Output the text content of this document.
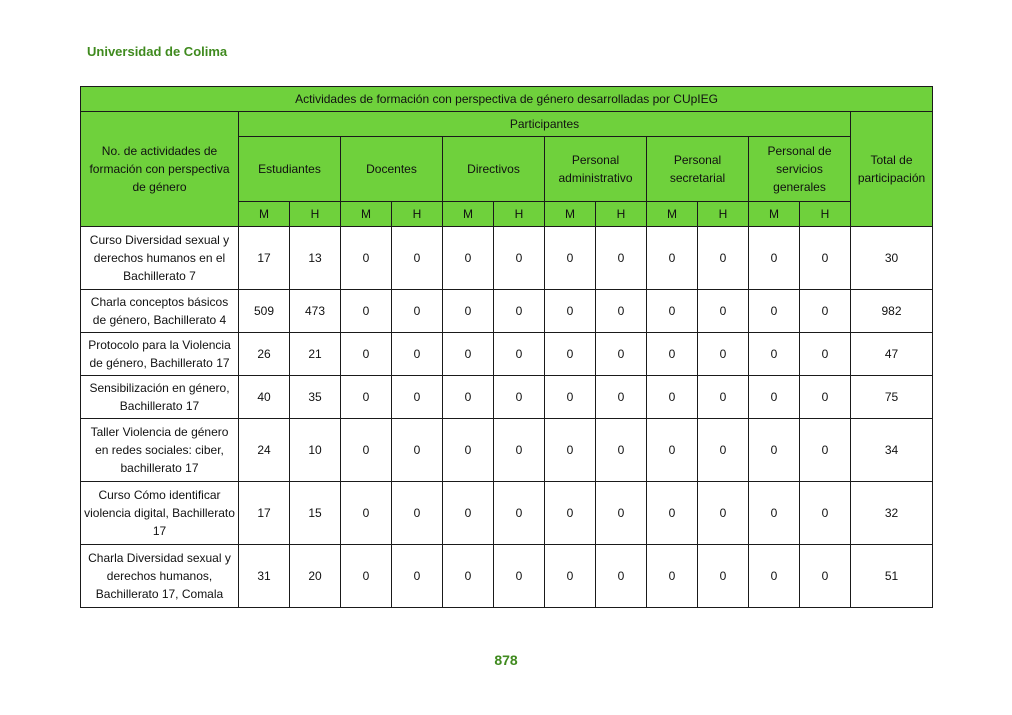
Universidad de Colima
Actividades de formación con perspectiva de género desarrolladas por CUpIEG													
No. de actividades de formación con perspectiva de género	Participantes												Total de participación
	Estudiantes		Docentes		Directivos		Personal administrativo		Personal secretarial		Personal de servicios generales		
	M	H	M	H	M	H	M	H	M	H	M	H	
Curso Diversidad sexual y derechos humanos en el Bachillerato 7	17	13	0	0	0	0	0	0	0	0	0	0	30
Charla conceptos básicos de género, Bachillerato 4	509	473	0	0	0	0	0	0	0	0	0	0	982
Protocolo para la Violencia de género, Bachillerato 17	26	21	0	0	0	0	0	0	0	0	0	0	47
Sensibilización en género, Bachillerato 17	40	35	0	0	0	0	0	0	0	0	0	0	75
Taller Violencia de género en redes sociales: ciber, bachillerato 17	24	10	0	0	0	0	0	0	0	0	0	0	34
Curso Cómo identificar violencia digital, Bachillerato 17	17	15	0	0	0	0	0	0	0	0	0	0	32
Charla Diversidad sexual y derechos humanos, Bachillerato 17, Comala	31	20	0	0	0	0	0	0	0	0	0	0	51
878
